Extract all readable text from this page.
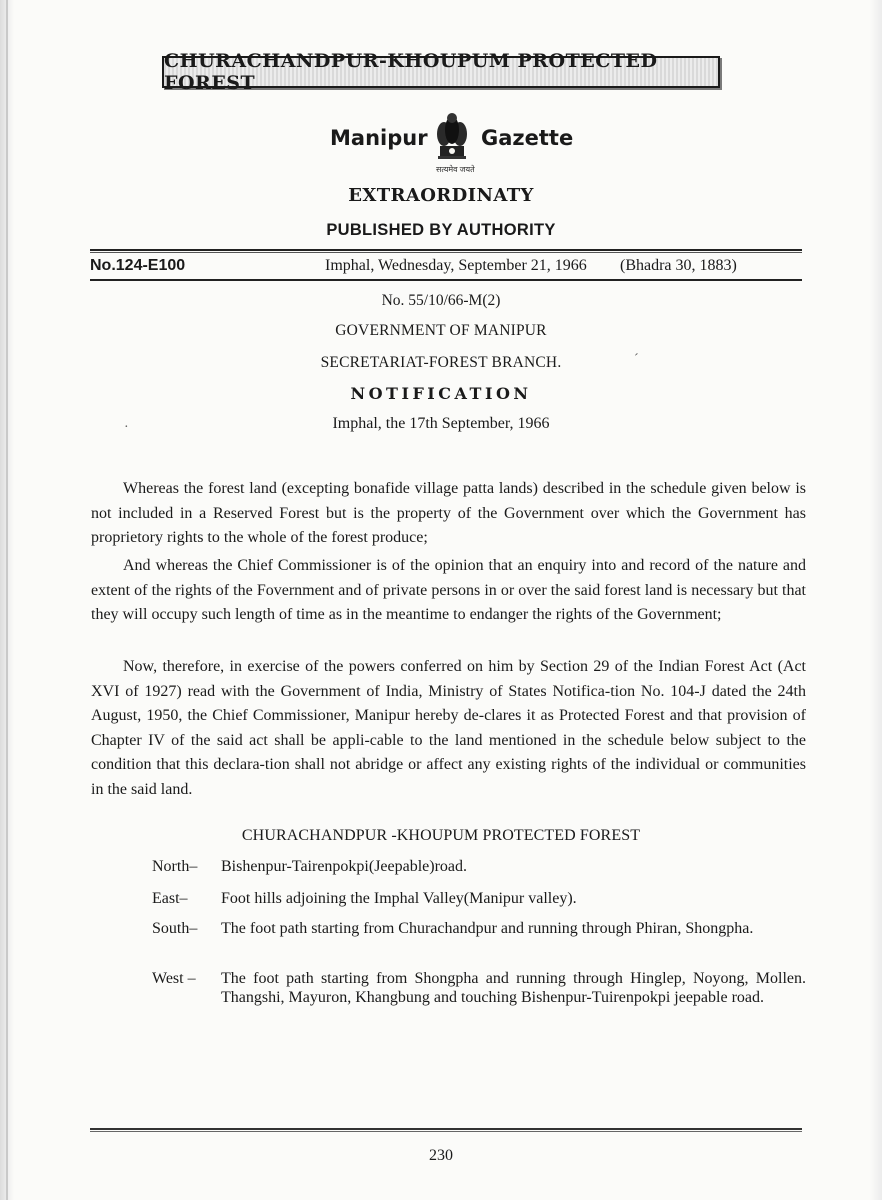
CHURACHANDPUR-KHOUPUM PROTECTED FOREST
Manipur
सत्यमेव जयते
Gazette
EXTRAORDINATY
PUBLISHED BY AUTHORITY
No.124-E100	Imphal, Wednesday, September 21, 1966 (Bhadra 30, 1883)
No. 55/10/66-M(2)
GOVERNMENT OF MANIPUR
SECRETARIAT-FOREST BRANCH.	ˊ
NOTIFICATION
·	Imphal, the 17th September, 1966

Whereas the forest land (excepting bonafide village patta lands) described in the schedule given below is not included in a Reserved Forest but is the property of the Government over which the Government has proprietory rights to the whole of the forest produce;

And whereas the Chief Commissioner is of the opinion that an enquiry into and record of the nature and extent of the rights of the Fovernment and of private persons in or over the said forest land is necessary but that they will occupy such length of time as in the meantime to endanger the rights of the Government;

Now, therefore, in exercise of the powers conferred on him by Section 29 of the Indian Forest Act (Act XVI of 1927) read with the Government of India, Ministry of States Notifica-tion No. 104-J dated the 24th August, 1950, the Chief Commissioner, Manipur hereby de-clares it as Protected Forest and that provision of Chapter IV of the said act shall be appli-cable to the land mentioned in the schedule below subject to the condition that this declara-tion shall not abridge or affect any existing rights of the individual or communities in the said land.

CHURACHANDPUR -KHOUPUM PROTECTED FOREST
North–	Bishenpur-Tairenpokpi(Jeepable)road.
East–	Foot hills adjoining the Imphal Valley(Manipur valley).
South–	The foot path starting from Churachandpur and running through Phiran, Shongpha.
West –	The foot path starting from Shongpha and running through Hinglep, Noyong, Mollen. Thangshi, Mayuron, Khangbung and touching Bishenpur-Tuirenpokpi jeepable road.
230
